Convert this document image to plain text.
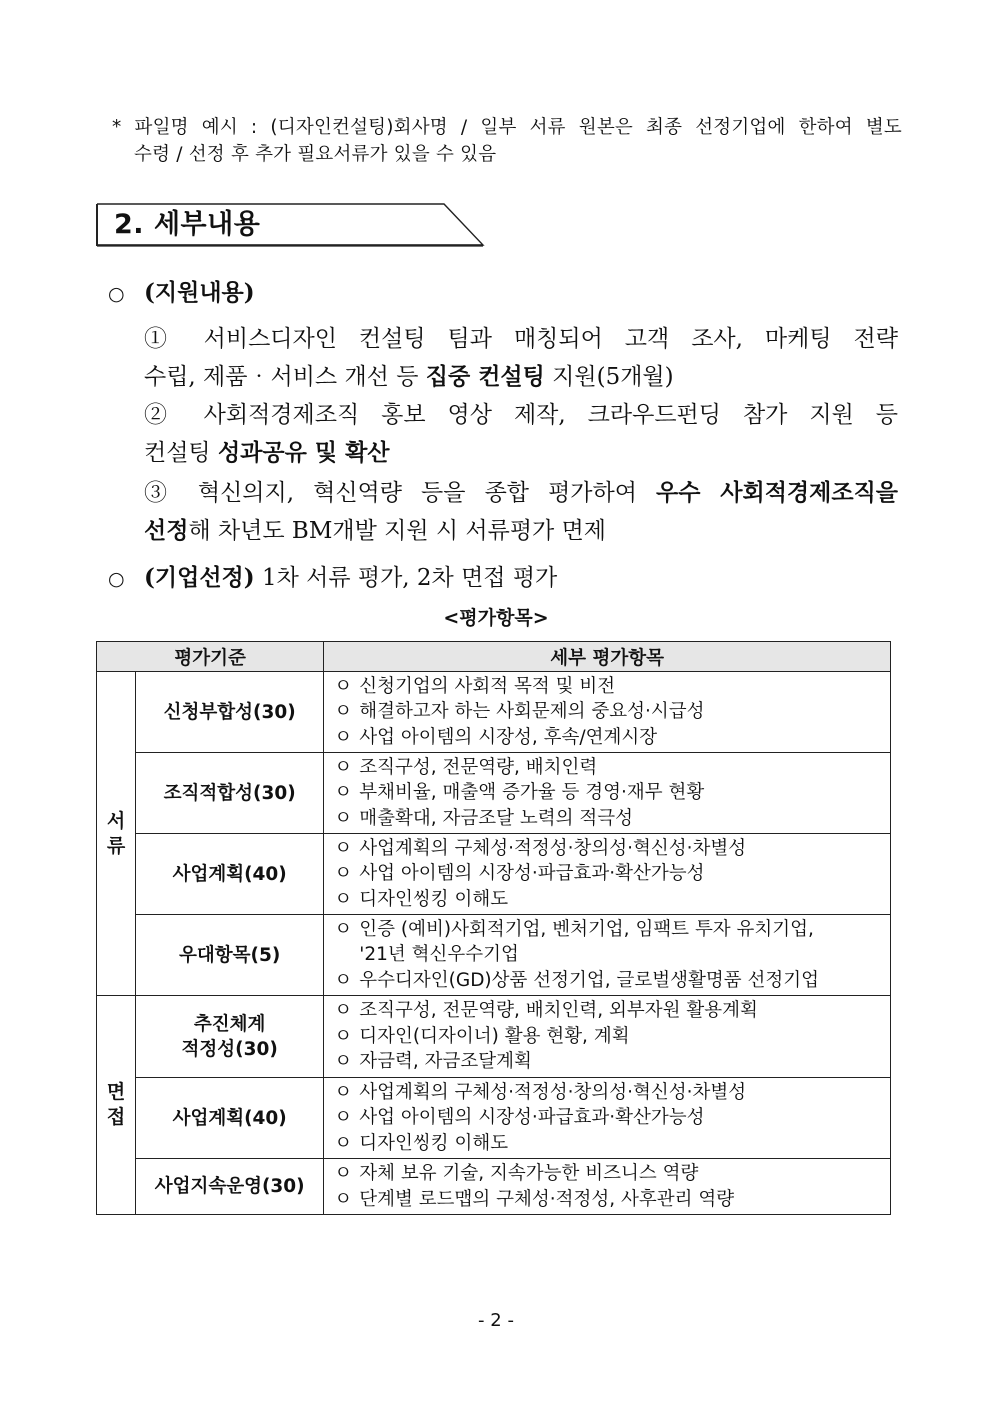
* 파일명 예시 : (디자인컨설팅)회사명 / 일부 서류 원본은 최종 선정기업에 한하여 별도
수령 / 선정 후 추가 필요서류가 있을 수 있음
2. 세부내용
○ (지원내용)
① 서비스디자인 컨설팅 팀과 매칭되어 고객 조사, 마케팅 전략
수립, 제품‧서비스 개선 등 집중 컨설팅 지원(5개월)
② 사회적경제조직 홍보 영상 제작, 크라우드펀딩 참가 지원 등
컨설팅 성과공유 및 확산
③ 혁신의지, 혁신역량 등을 종합 평가하여 우수 사회적경제조직을
선정해 차년도 BM개발 지원 시 서류평가 면제
○ (기업선정) 1차 서류 평가, 2차 면접 평가
<평가항목>
평가기준		세부 평가항목
서
류	신청부합성(30)	ㅇ 신청기업의 사회적 목적 및 비전
ㅇ 해결하고자 하는 사회문제의 중요성·시급성
ㅇ 사업 아이템의 시장성, 후속/연계시장

	조직적합성(30)	ㅇ 조직구성, 전문역량, 배치인력
ㅇ 부채비율, 매출액 증가율 등 경영·재무 현황
ㅇ 매출확대, 자금조달 노력의 적극성

	사업계획(40)	ㅇ 사업계획의 구체성·적정성·창의성·혁신성·차별성
ㅇ 사업 아이템의 시장성·파급효과·확산가능성
ㅇ 디자인씽킹 이해도

	우대항목(5)	ㅇ 인증 (예비)사회적기업, 벤처기업, 임팩트 투자 유치기업,
'21년 혁신우수기업
ㅇ 우수디자인(GD)상품 선정기업, 글로벌생활명품 선정기업

면
접	추진체계
적정성(30)	ㅇ 조직구성, 전문역량, 배치인력, 외부자원 활용계획
ㅇ 디자인(디자이너) 활용 현황, 계획
ㅇ 자금력, 자금조달계획

	사업계획(40)	ㅇ 사업계획의 구체성·적정성·창의성·혁신성·차별성
ㅇ 사업 아이템의 시장성·파급효과·확산가능성
ㅇ 디자인씽킹 이해도

	사업지속운영(30)	ㅇ 자체 보유 기술, 지속가능한 비즈니스 역량
ㅇ 단계별 로드맵의 구체성·적정성, 사후관리 역량
- 2 -
